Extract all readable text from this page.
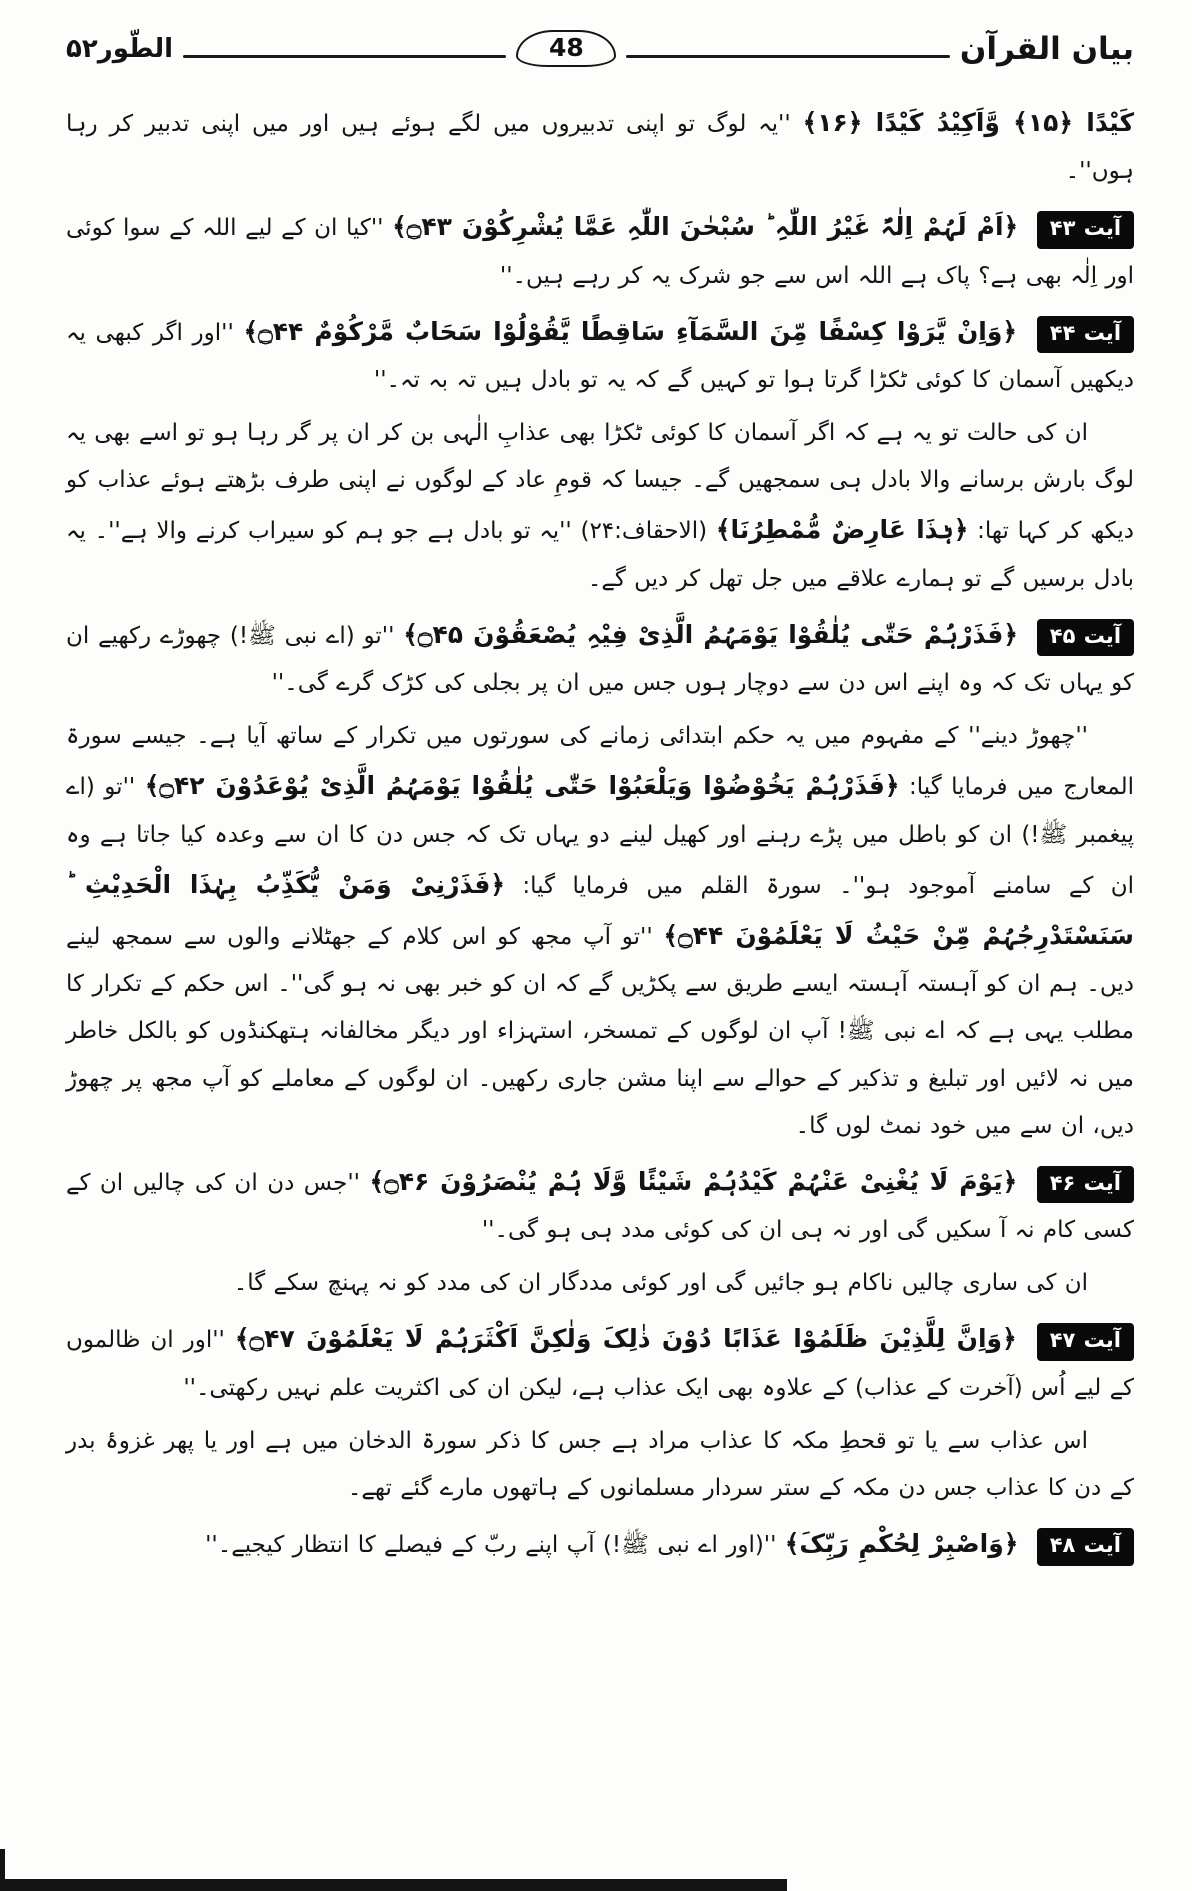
بیان القرآن
48
الطّور۵۲

کَیْدًا ﴿۱۵﴾ وَّاَکِیْدُ کَیْدًا ﴿۱۶﴾ ''یہ لوگ تو اپنی تدبیروں میں لگے ہوئے ہیں اور میں اپنی تدبیر کر رہا ہوں''۔

آیت ۴۳ ﴿اَمْ لَہُمْ اِلٰہٌ غَیْرُ اللّٰہِ ؕ سُبْحٰنَ اللّٰہِ عَمَّا یُشْرِکُوْنَ ۝۴۳﴾ ''کیا ان کے لیے اللہ کے سوا کوئی اور اِلٰہ بھی ہے؟ پاک ہے اللہ اس سے جو شرک یہ کر رہے ہیں۔''

آیت ۴۴ ﴿وَاِنْ یَّرَوْا کِسْفًا مِّنَ السَّمَآءِ سَاقِطًا یَّقُوْلُوْا سَحَابٌ مَّرْکُوْمٌ ۝۴۴﴾ ''اور اگر کبھی یہ دیکھیں آسمان کا کوئی ٹکڑا گرتا ہوا تو کہیں گے کہ یہ تو بادل ہیں تہ بہ تہ۔''

ان کی حالت تو یہ ہے کہ اگر آسمان کا کوئی ٹکڑا بھی عذابِ الٰہی بن کر ان پر گر رہا ہو تو اسے بھی یہ لوگ بارش برسانے والا بادل ہی سمجھیں گے۔ جیسا کہ قومِ عاد کے لوگوں نے اپنی طرف بڑھتے ہوئے عذاب کو دیکھ کر کہا تھا: ﴿ہٰذَا عَارِضٌ مُّمْطِرُنَا﴾ (الاحقاف:۲۴) ''یہ تو بادل ہے جو ہم کو سیراب کرنے والا ہے''۔ یہ بادل برسیں گے تو ہمارے علاقے میں جل تھل کر دیں گے۔

آیت ۴۵ ﴿فَذَرْہُمْ حَتّٰی یُلٰقُوْا یَوْمَہُمُ الَّذِیْ فِیْہِ یُصْعَقُوْنَ ۝۴۵﴾ ''تو (اے نبی ﷺ!) چھوڑے رکھیے ان کو یہاں تک کہ وہ اپنے اس دن سے دوچار ہوں جس میں ان پر بجلی کی کڑک گرے گی۔''

''چھوڑ دینے'' کے مفہوم میں یہ حکم ابتدائی زمانے کی سورتوں میں تکرار کے ساتھ آیا ہے۔ جیسے سورۃ المعارج میں فرمایا گیا: ﴿فَذَرْہُمْ یَخُوْضُوْا وَیَلْعَبُوْا حَتّٰی یُلٰقُوْا یَوْمَہُمُ الَّذِیْ یُوْعَدُوْنَ ۝۴۲﴾ ''تو (اے پیغمبر ﷺ!) ان کو باطل میں پڑے رہنے اور کھیل لینے دو یہاں تک کہ جس دن کا ان سے وعدہ کیا جاتا ہے وہ ان کے سامنے آموجود ہو''۔ سورۃ القلم میں فرمایا گیا: ﴿فَذَرْنِیْ وَمَنْ یُّکَذِّبُ بِہٰذَا الْحَدِیْثِ ؕ سَنَسْتَدْرِجُہُمْ مِّنْ حَیْثُ لَا یَعْلَمُوْنَ ۝۴۴﴾ ''تو آپ مجھ کو اس کلام کے جھٹلانے والوں سے سمجھ لینے دیں۔ ہم ان کو آہستہ آہستہ ایسے طریق سے پکڑیں گے کہ ان کو خبر بھی نہ ہو گی''۔ اس حکم کے تکرار کا مطلب یہی ہے کہ اے نبی ﷺ! آپ ان لوگوں کے تمسخر، استہزاء اور دیگر مخالفانہ ہتھکنڈوں کو بالکل خاطر میں نہ لائیں اور تبلیغ و تذکیر کے حوالے سے اپنا مشن جاری رکھیں۔ ان لوگوں کے معاملے کو آپ مجھ پر چھوڑ دیں، ان سے میں خود نمٹ لوں گا۔

آیت ۴۶ ﴿یَوْمَ لَا یُغْنِیْ عَنْہُمْ کَیْدُہُمْ شَیْئًا وَّلَا ہُمْ یُنْصَرُوْنَ ۝۴۶﴾ ''جس دن ان کی چالیں ان کے کسی کام نہ آ سکیں گی اور نہ ہی ان کی کوئی مدد ہی ہو گی۔''

ان کی ساری چالیں ناکام ہو جائیں گی اور کوئی مددگار ان کی مدد کو نہ پہنچ سکے گا۔

آیت ۴۷ ﴿وَاِنَّ لِلَّذِیْنَ ظَلَمُوْا عَذَابًا دُوْنَ ذٰلِکَ وَلٰکِنَّ اَکْثَرَہُمْ لَا یَعْلَمُوْنَ ۝۴۷﴾ ''اور ان ظالموں کے لیے اُس (آخرت کے عذاب) کے علاوہ بھی ایک عذاب ہے، لیکن ان کی اکثریت علم نہیں رکھتی۔''

اس عذاب سے یا تو قحطِ مکہ کا عذاب مراد ہے جس کا ذکر سورۃ الدخان میں ہے اور یا پھر غزوۂ بدر کے دن کا عذاب جس دن مکہ کے ستر سردار مسلمانوں کے ہاتھوں مارے گئے تھے۔

آیت ۴۸ ﴿وَاصْبِرْ لِحُکْمِ رَبِّکَ﴾ ''(اور اے نبی ﷺ!) آپ اپنے ربّ کے فیصلے کا انتظار کیجیے۔''
